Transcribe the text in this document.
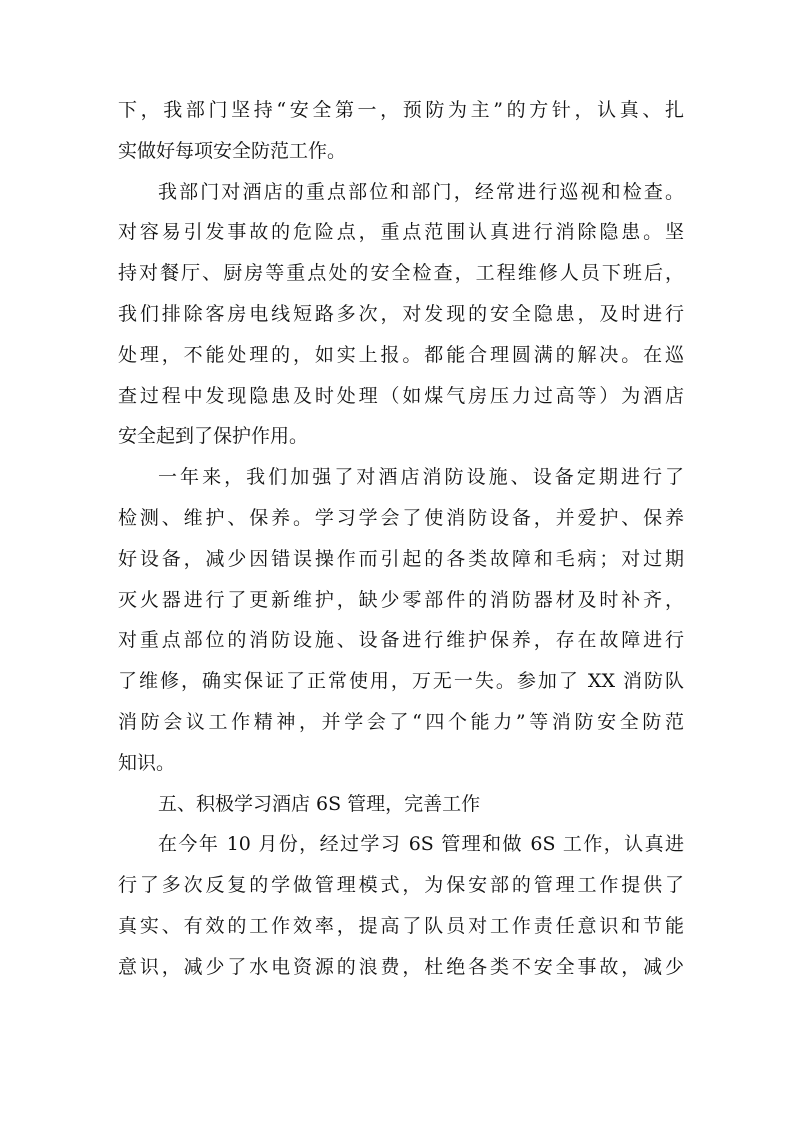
下，我部门坚持“安全第一，预防为主”的方针，认真、扎
实做好每项安全防范工作。
我部门对酒店的重点部位和部门，经常进行巡视和检查。
对容易引发事故的危险点，重点范围认真进行消除隐患。坚
持对餐厅、厨房等重点处的安全检查，工程维修人员下班后，
我们排除客房电线短路多次，对发现的安全隐患，及时进行
处理，不能处理的，如实上报。都能合理圆满的解决。在巡
查过程中发现隐患及时处理（如煤气房压力过高等）为酒店
安全起到了保护作用。
一年来，我们加强了对酒店消防设施、设备定期进行了
检测、维护、保养。学习学会了使消防设备，并爱护、保养
好设备，减少因错误操作而引起的各类故障和毛病；对过期
灭火器进行了更新维护，缺少零部件的消防器材及时补齐，
对重点部位的消防设施、设备进行维护保养，存在故障进行
了维修，确实保证了正常使用，万无一失。参加了 XX 消防队
消防会议工作精神，并学会了“四个能力”等消防安全防范
知识。
五、积极学习酒店 6S 管理，完善工作
在今年 10 月份，经过学习 6S 管理和做 6S 工作，认真进
行了多次反复的学做管理模式，为保安部的管理工作提供了
真实、有效的工作效率，提高了队员对工作责任意识和节能
意识，减少了水电资源的浪费，杜绝各类不安全事故，减少
